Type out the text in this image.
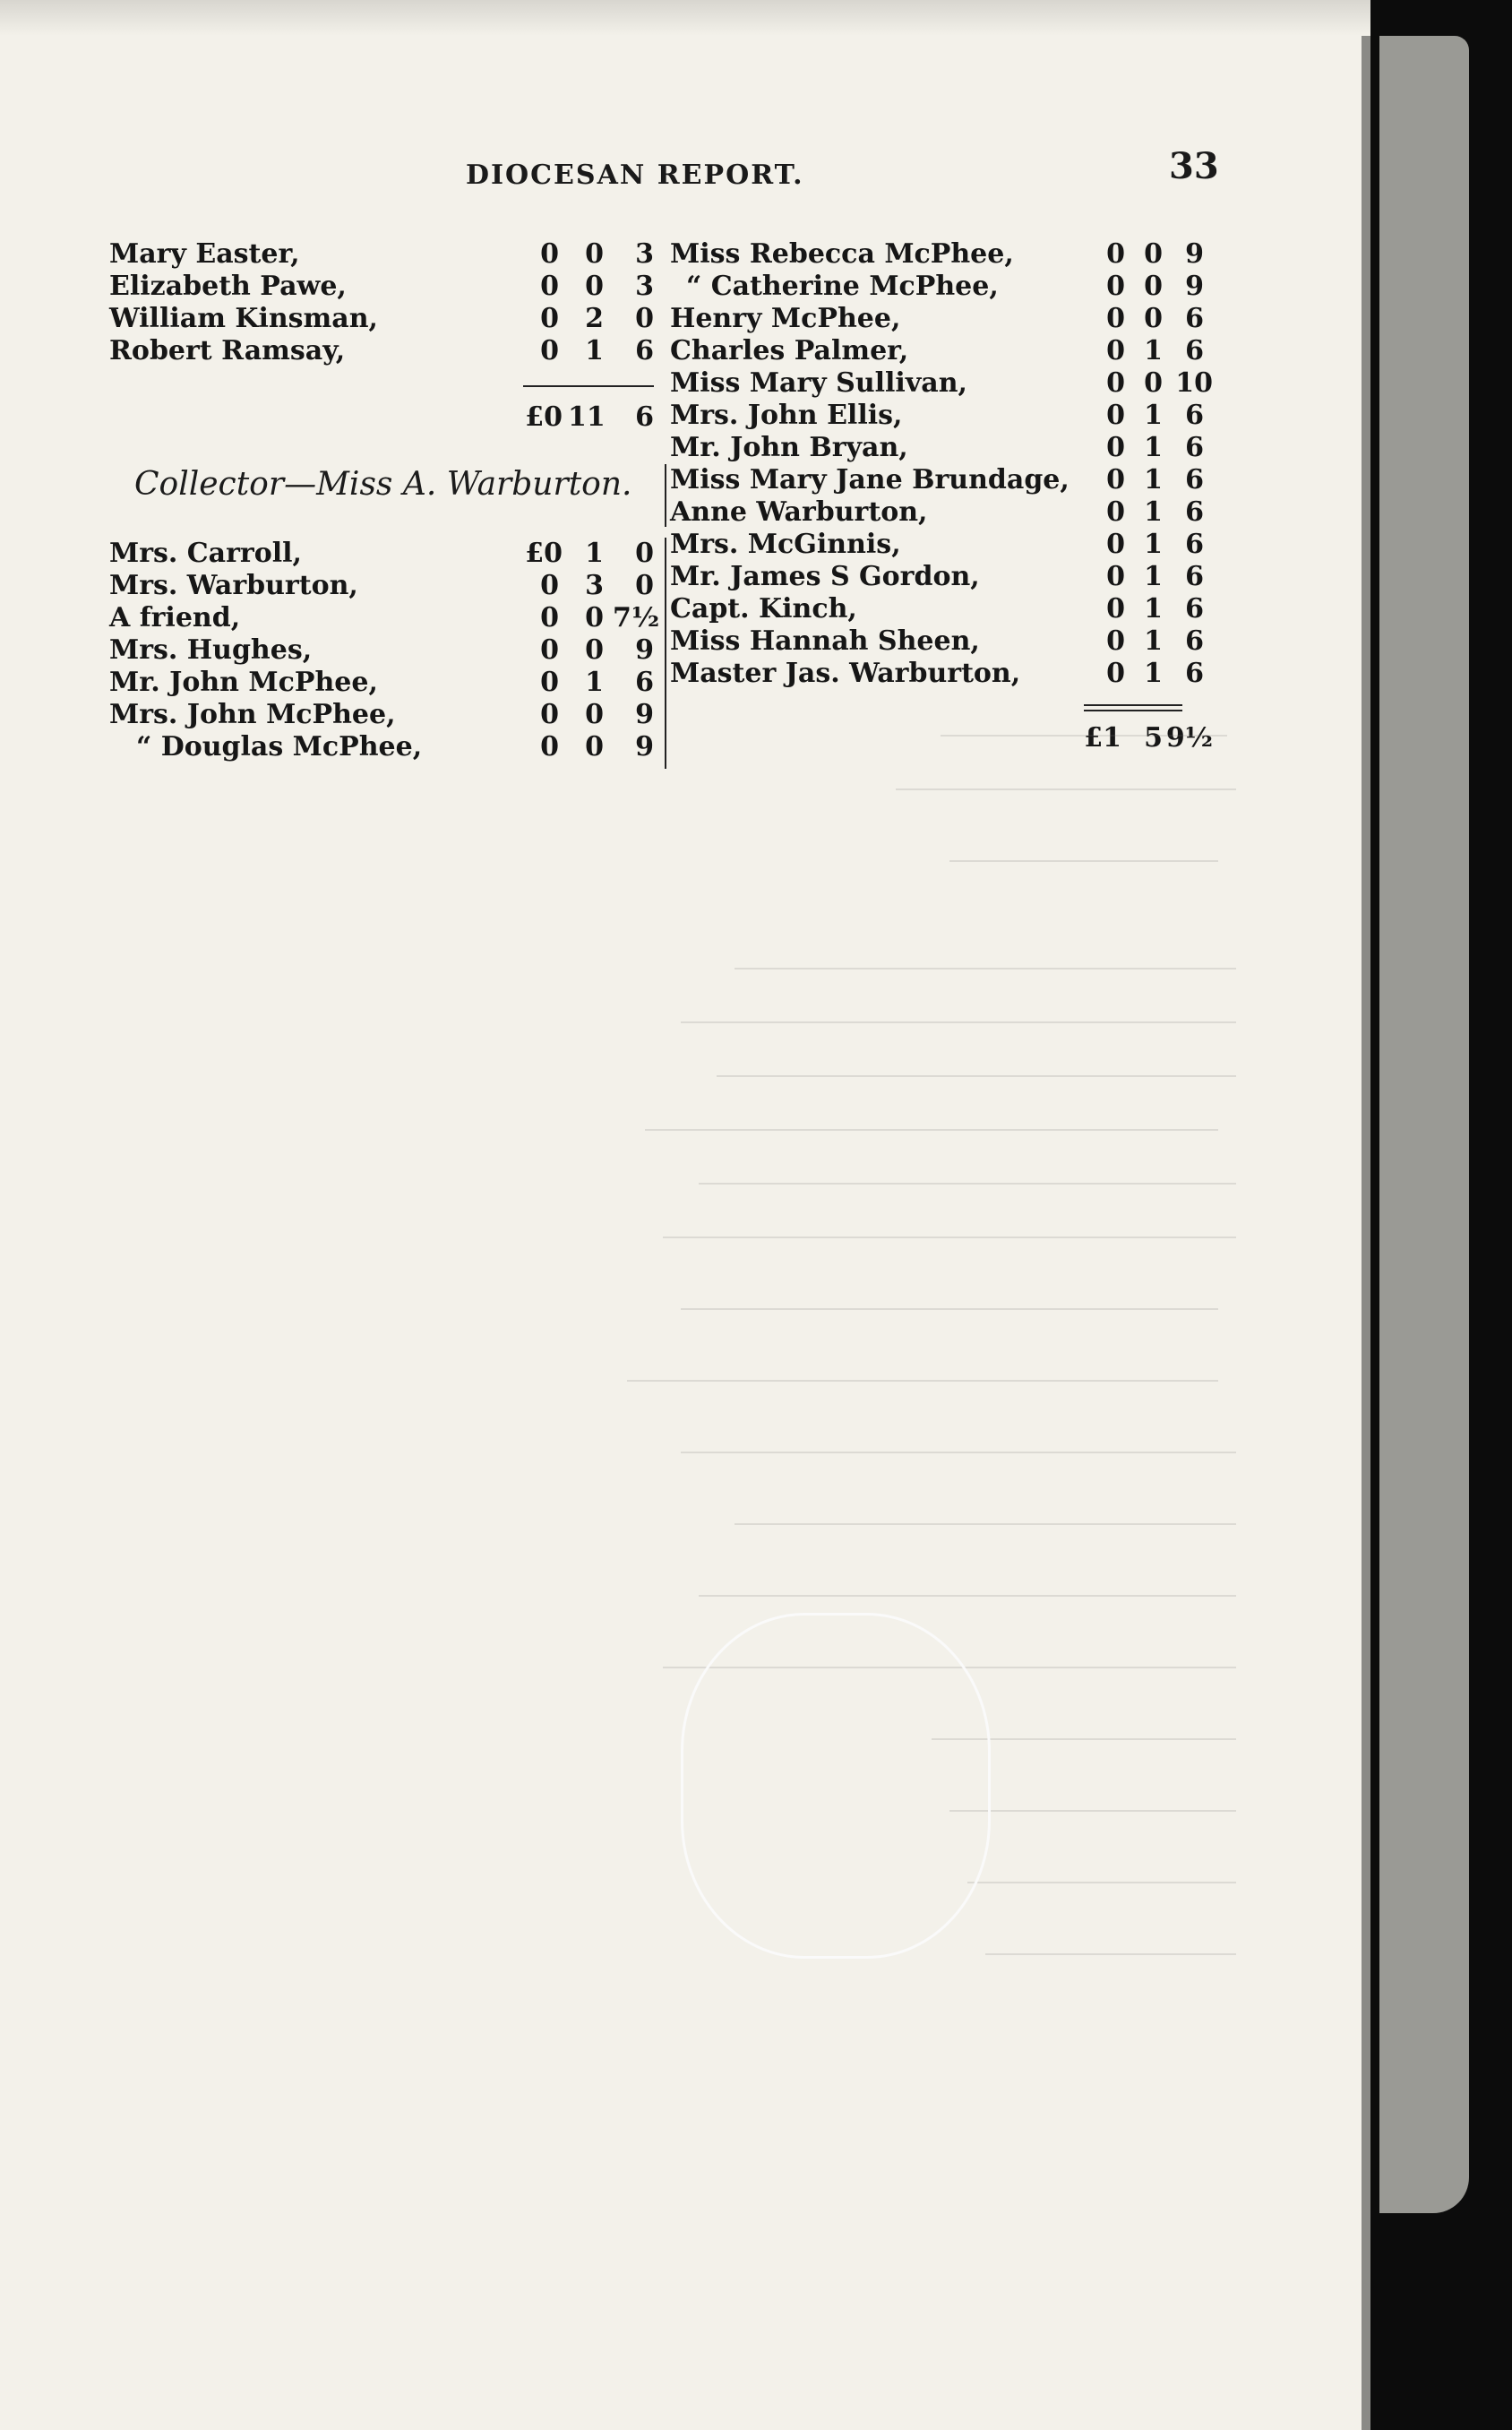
DIOCESAN REPORT.	33
Mary Easter,	0 0	3
Elizabeth Pawe,	0 0	3
William Kinsman,	0 2	0
Robert Ramsay,	0 1	6
£0 11	6
Collector—Miss A. Warburton.
Mrs. Carroll,	£0 1	0
Mrs. Warburton,	0 3	0
A friend,	0 0 7½
Mrs. Hughes,	0 0	9
Mr. John McPhee,	0 1	6
Mrs. John McPhee,	0 0	9
“ Douglas McPhee,	0 0	9
Miss Rebecca McPhee,	0 0 9
“ Catherine McPhee,	0 0 9
Henry McPhee,	0 0 6
Charles Palmer,	0 1 6
Miss Mary Sullivan,	0 0 10
Mrs. John Ellis,	0 1 6
Mr. John Bryan,	0 1 6
Miss Mary Jane Brundage,	0 1 6
Anne Warburton,	0 1 6
Mrs. McGinnis,	0 1 6
Mr. James S Gordon,	0 1 6
Capt. Kinch,	0 1 6
Miss Hannah Sheen,	0 1 6
Master Jas. Warburton,	0 1 6
£1 5 9½
